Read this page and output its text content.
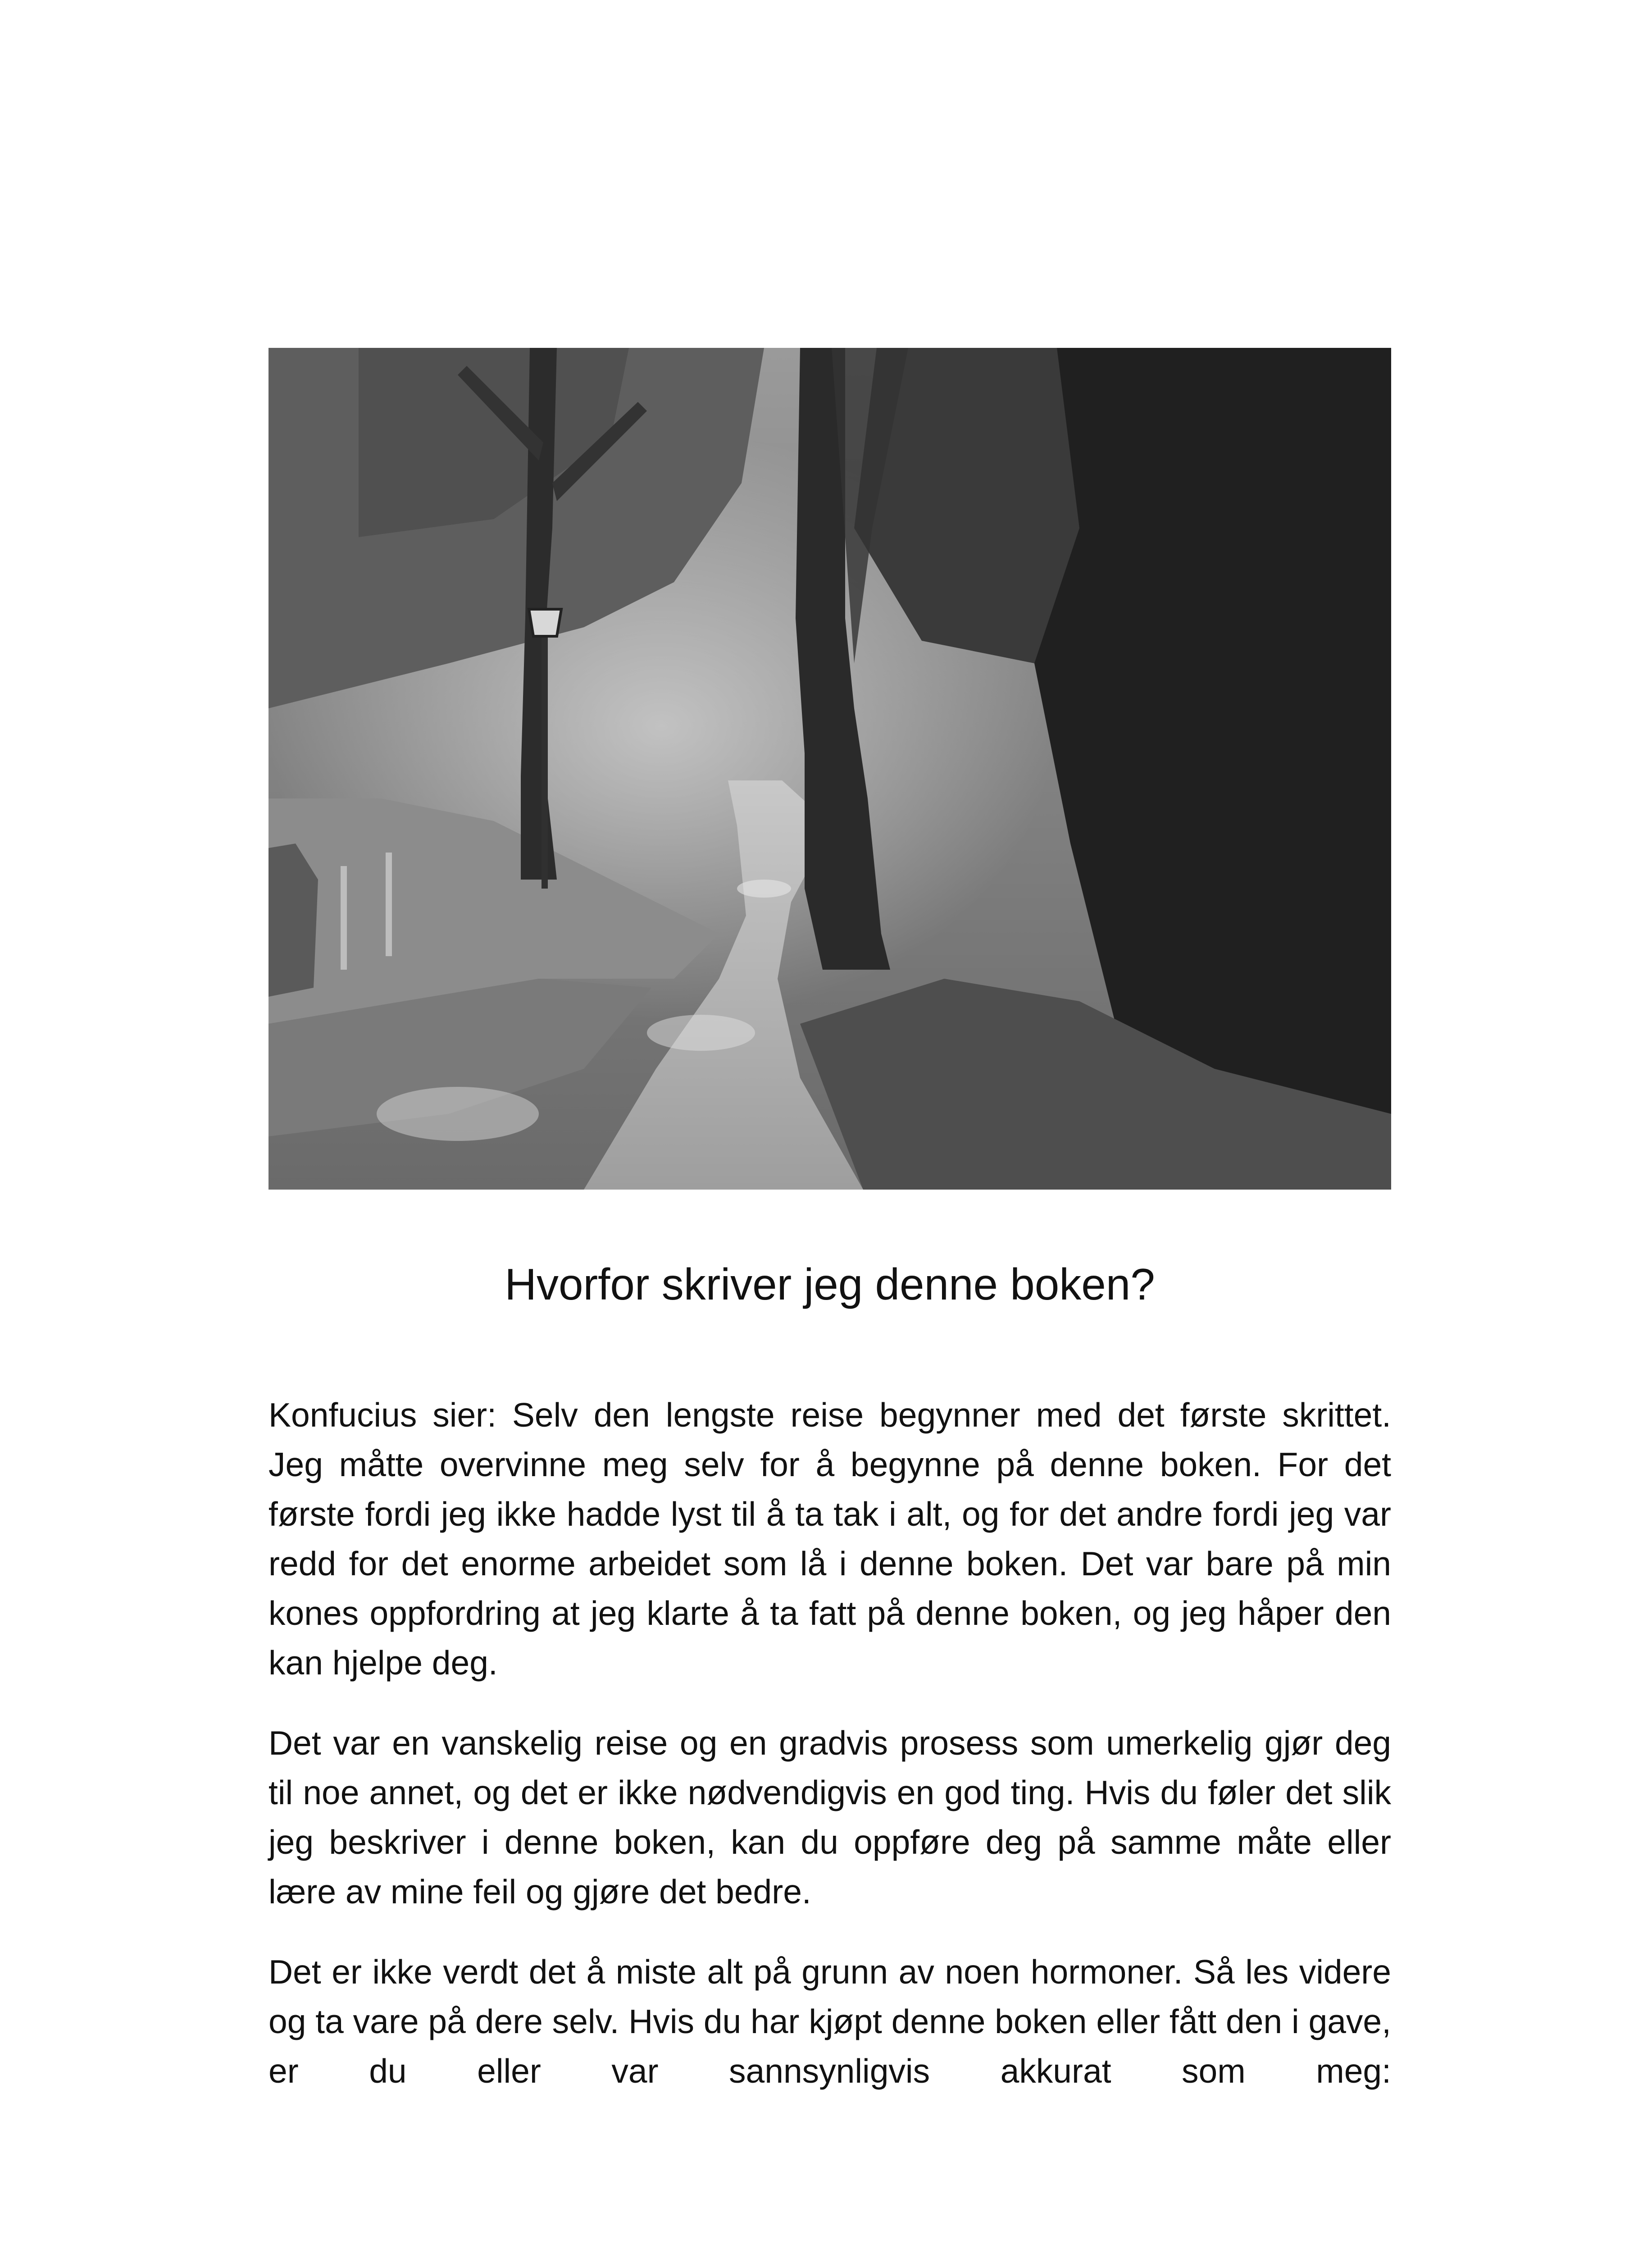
Hvorfor skriver jeg denne boken?

Konfucius sier: Selv den lengste reise begynner med det første skrittet. Jeg måtte overvinne meg selv for å begynne på denne boken. For det første fordi jeg ikke hadde lyst til å ta tak i alt, og for det andre fordi jeg var redd for det enorme arbeidet som lå i denne boken. Det var bare på min kones oppfordring at jeg klarte å ta fatt på denne boken, og jeg håper den kan hjelpe deg.

Det var en vanskelig reise og en gradvis prosess som umerkelig gjør deg til noe annet, og det er ikke nødvendigvis en god ting. Hvis du føler det slik jeg beskriver i denne boken, kan du oppføre deg på samme måte eller lære av mine feil og gjøre det bedre.

Det er ikke verdt det å miste alt på grunn av noen hormoner. Så les videre og ta vare på dere selv. Hvis du har kjøpt denne boken eller fått den i gave, er du eller var sannsynligvis akkurat som meg:
